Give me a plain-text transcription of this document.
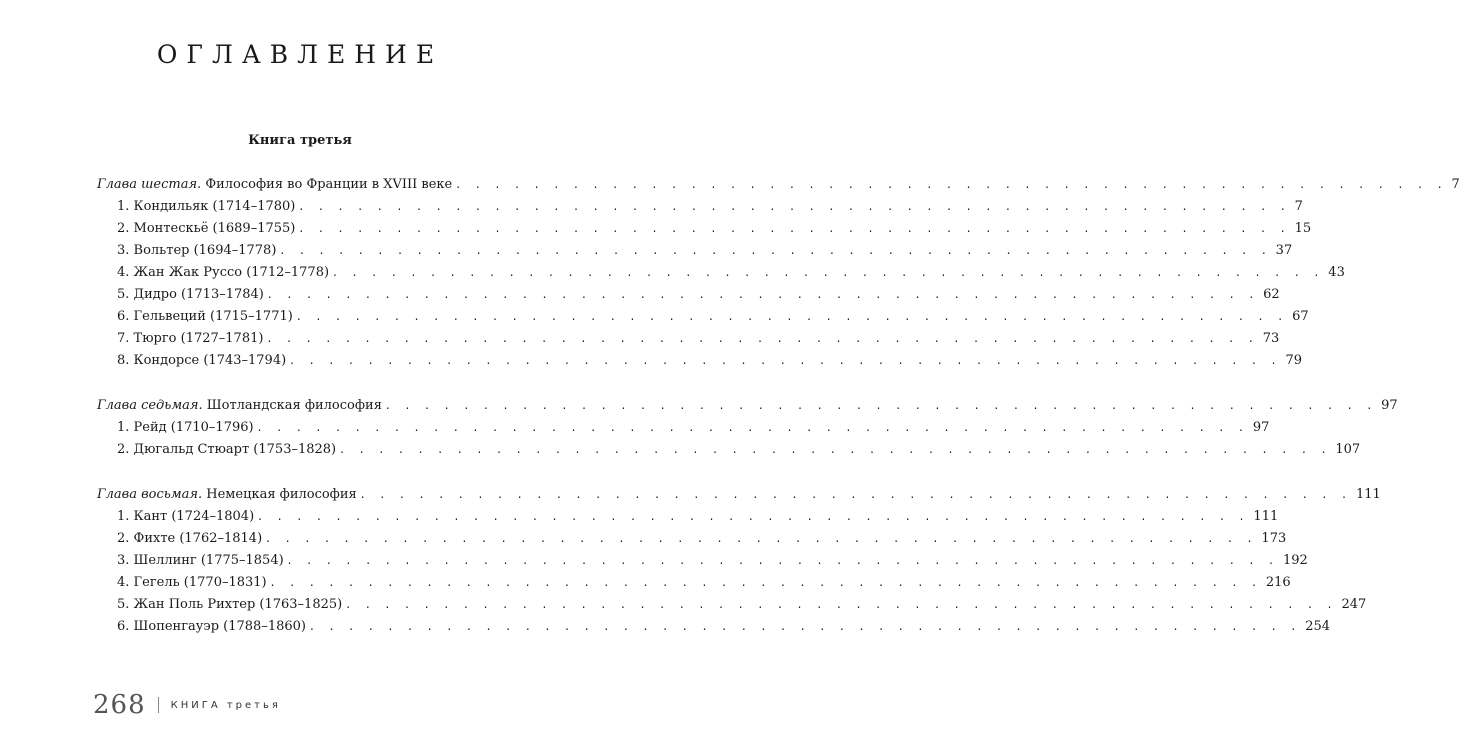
ОГЛАВЛЕНИЕ
Книга третья
Глава шестая. Философия во Франции в XVIII веке . . . . . . . . . . . . . . . . . . . . . . . . . . . . . . . . . . . . . . . . . . . . . . . . . . . 7
1. Кондильяк (1714–1780) . . . . . . . . . . . . . . . . . . . . . . . . . . . . . . . . . . . . . . . . . . . . . . . . . . . 7
2. Монтескьё (1689–1755) . . . . . . . . . . . . . . . . . . . . . . . . . . . . . . . . . . . . . . . . . . . . . . . . . . . 15
3. Вольтер (1694–1778) . . . . . . . . . . . . . . . . . . . . . . . . . . . . . . . . . . . . . . . . . . . . . . . . . . . 37
4. Жан Жак Руссо (1712–1778) . . . . . . . . . . . . . . . . . . . . . . . . . . . . . . . . . . . . . . . . . . . . . . . . . . . 43
5. Дидро (1713–1784) . . . . . . . . . . . . . . . . . . . . . . . . . . . . . . . . . . . . . . . . . . . . . . . . . . . 62
6. Гельвеций (1715–1771) . . . . . . . . . . . . . . . . . . . . . . . . . . . . . . . . . . . . . . . . . . . . . . . . . . . 67
7. Тюрго (1727–1781) . . . . . . . . . . . . . . . . . . . . . . . . . . . . . . . . . . . . . . . . . . . . . . . . . . . 73
8. Кондорсе (1743–1794) . . . . . . . . . . . . . . . . . . . . . . . . . . . . . . . . . . . . . . . . . . . . . . . . . . . 79
Глава седьмая. Шотландская философия . . . . . . . . . . . . . . . . . . . . . . . . . . . . . . . . . . . . . . . . . . . . . . . . . . . 97
1. Рейд (1710–1796) . . . . . . . . . . . . . . . . . . . . . . . . . . . . . . . . . . . . . . . . . . . . . . . . . . . 97
2. Дюгальд Стюарт (1753–1828) . . . . . . . . . . . . . . . . . . . . . . . . . . . . . . . . . . . . . . . . . . . . . . . . . . . 107
Глава восьмая. Немецкая философия . . . . . . . . . . . . . . . . . . . . . . . . . . . . . . . . . . . . . . . . . . . . . . . . . . . 111
1. Кант (1724–1804) . . . . . . . . . . . . . . . . . . . . . . . . . . . . . . . . . . . . . . . . . . . . . . . . . . . 111
2. Фихте (1762–1814) . . . . . . . . . . . . . . . . . . . . . . . . . . . . . . . . . . . . . . . . . . . . . . . . . . . 173
3. Шеллинг (1775–1854) . . . . . . . . . . . . . . . . . . . . . . . . . . . . . . . . . . . . . . . . . . . . . . . . . . . 192
4. Гегель (1770–1831) . . . . . . . . . . . . . . . . . . . . . . . . . . . . . . . . . . . . . . . . . . . . . . . . . . . 216
5. Жан Поль Рихтер (1763–1825) . . . . . . . . . . . . . . . . . . . . . . . . . . . . . . . . . . . . . . . . . . . . . . . . . . . 247
6. Шопенгауэр (1788–1860) . . . . . . . . . . . . . . . . . . . . . . . . . . . . . . . . . . . . . . . . . . . . . . . . . . . 254
268	КНИГА третья
